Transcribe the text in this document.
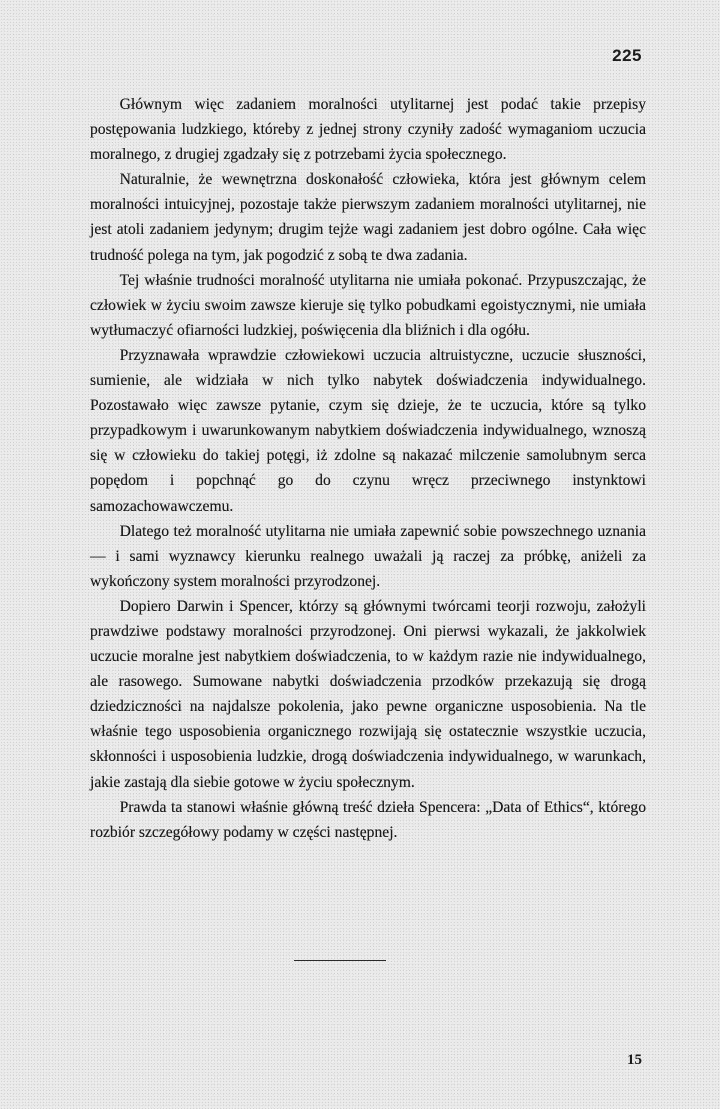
225

Głównym więc zadaniem moralności utylitarnej jest podać takie przepisy postępowania ludzkiego, któreby z jednej strony czyniły zadość wymaganiom uczucia moralnego, z drugiej zgadzały się z potrzebami życia społecznego.

Naturalnie, że wewnętrzna doskonałość człowieka, która jest głównym celem moralności intuicyjnej, pozostaje także pierwszym zadaniem moralności utylitarnej, nie jest atoli zadaniem jedynym; drugim tejże wagi zadaniem jest dobro ogólne. Cała więc trudność polega na tym, jak pogodzić z sobą te dwa zadania.

Tej właśnie trudności moralność utylitarna nie umiała pokonać. Przypuszczając, że człowiek w życiu swoim zawsze kieruje się tylko pobudkami egoistycznymi, nie umiała wytłumaczyć ofiarności ludzkiej, poświęcenia dla bliźnich i dla ogółu.

Przyznawała wprawdzie człowiekowi uczucia altruistyczne, uczucie słuszności, sumienie, ale widziała w nich tylko nabytek doświadczenia indywidualnego. Pozostawało więc zawsze pytanie, czym się dzieje, że te uczucia, które są tylko przypadkowym i uwarunkowanym nabytkiem doświadczenia indywidualnego, wznoszą się w człowieku do takiej potęgi, iż zdolne są nakazać milczenie samolubnym serca popędom i popchnąć go do czynu wręcz przeciwnego instynktowi samozachowawczemu.

Dlatego też moralność utylitarna nie umiała zapewnić sobie powszechnego uznania — i sami wyznawcy kierunku realnego uważali ją raczej za próbkę, aniżeli za wykończony system moralności przyrodzonej.

Dopiero Darwin i Spencer, którzy są głównymi twórcami teorji rozwoju, założyli prawdziwe podstawy moralności przyrodzonej. Oni pierwsi wykazali, że jakkolwiek uczucie moralne jest nabytkiem doświadczenia, to w każdym razie nie indywidualnego, ale rasowego. Sumowane nabytki doświadczenia przodków przekazują się drogą dziedziczności na najdalsze pokolenia, jako pewne organiczne usposobienia. Na tle właśnie tego usposobienia organicznego rozwijają się ostatecznie wszystkie uczucia, skłonności i usposobienia ludzkie, drogą doświadczenia indywidualnego, w warunkach, jakie zastają dla siebie gotowe w życiu społecznym.

Prawda ta stanowi właśnie główną treść dzieła Spencera: „Data of Ethics“, którego rozbiór szczegółowy podamy w części następnej.

15
